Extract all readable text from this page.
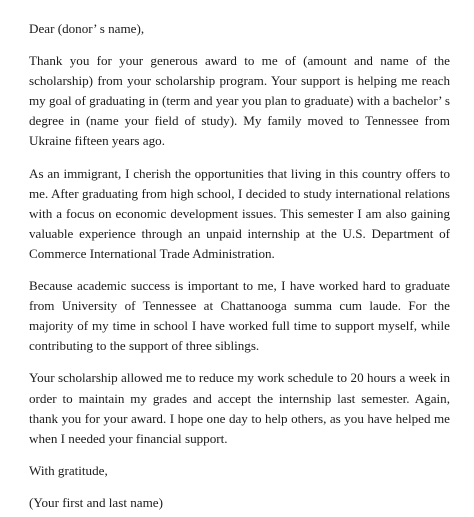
Dear (donor’ s name),

Thank you for your generous award to me of (amount and name of the scholarship) from your scholarship program. Your support is helping me reach my goal of graduating in (term and year you plan to graduate) with a bachelor’ s degree in (name your field of study). My family moved to Tennessee from Ukraine fifteen years ago.

As an immigrant, I cherish the opportunities that living in this country offers to me. After graduating from high school, I decided to study international relations with a focus on economic development issues. This semester I am also gaining valuable experience through an unpaid internship at the U.S. Department of Commerce International Trade Administration.

Because academic success is important to me, I have worked hard to graduate from University of Tennessee at Chattanooga summa cum laude. For the majority of my time in school I have worked full time to support myself, while contributing to the support of three siblings.

Your scholarship allowed me to reduce my work schedule to 20 hours a week in order to maintain my grades and accept the internship last semester. Again, thank you for your award. I hope one day to help others, as you have helped me when I needed your financial support.

With gratitude,

(Your first and last name)
